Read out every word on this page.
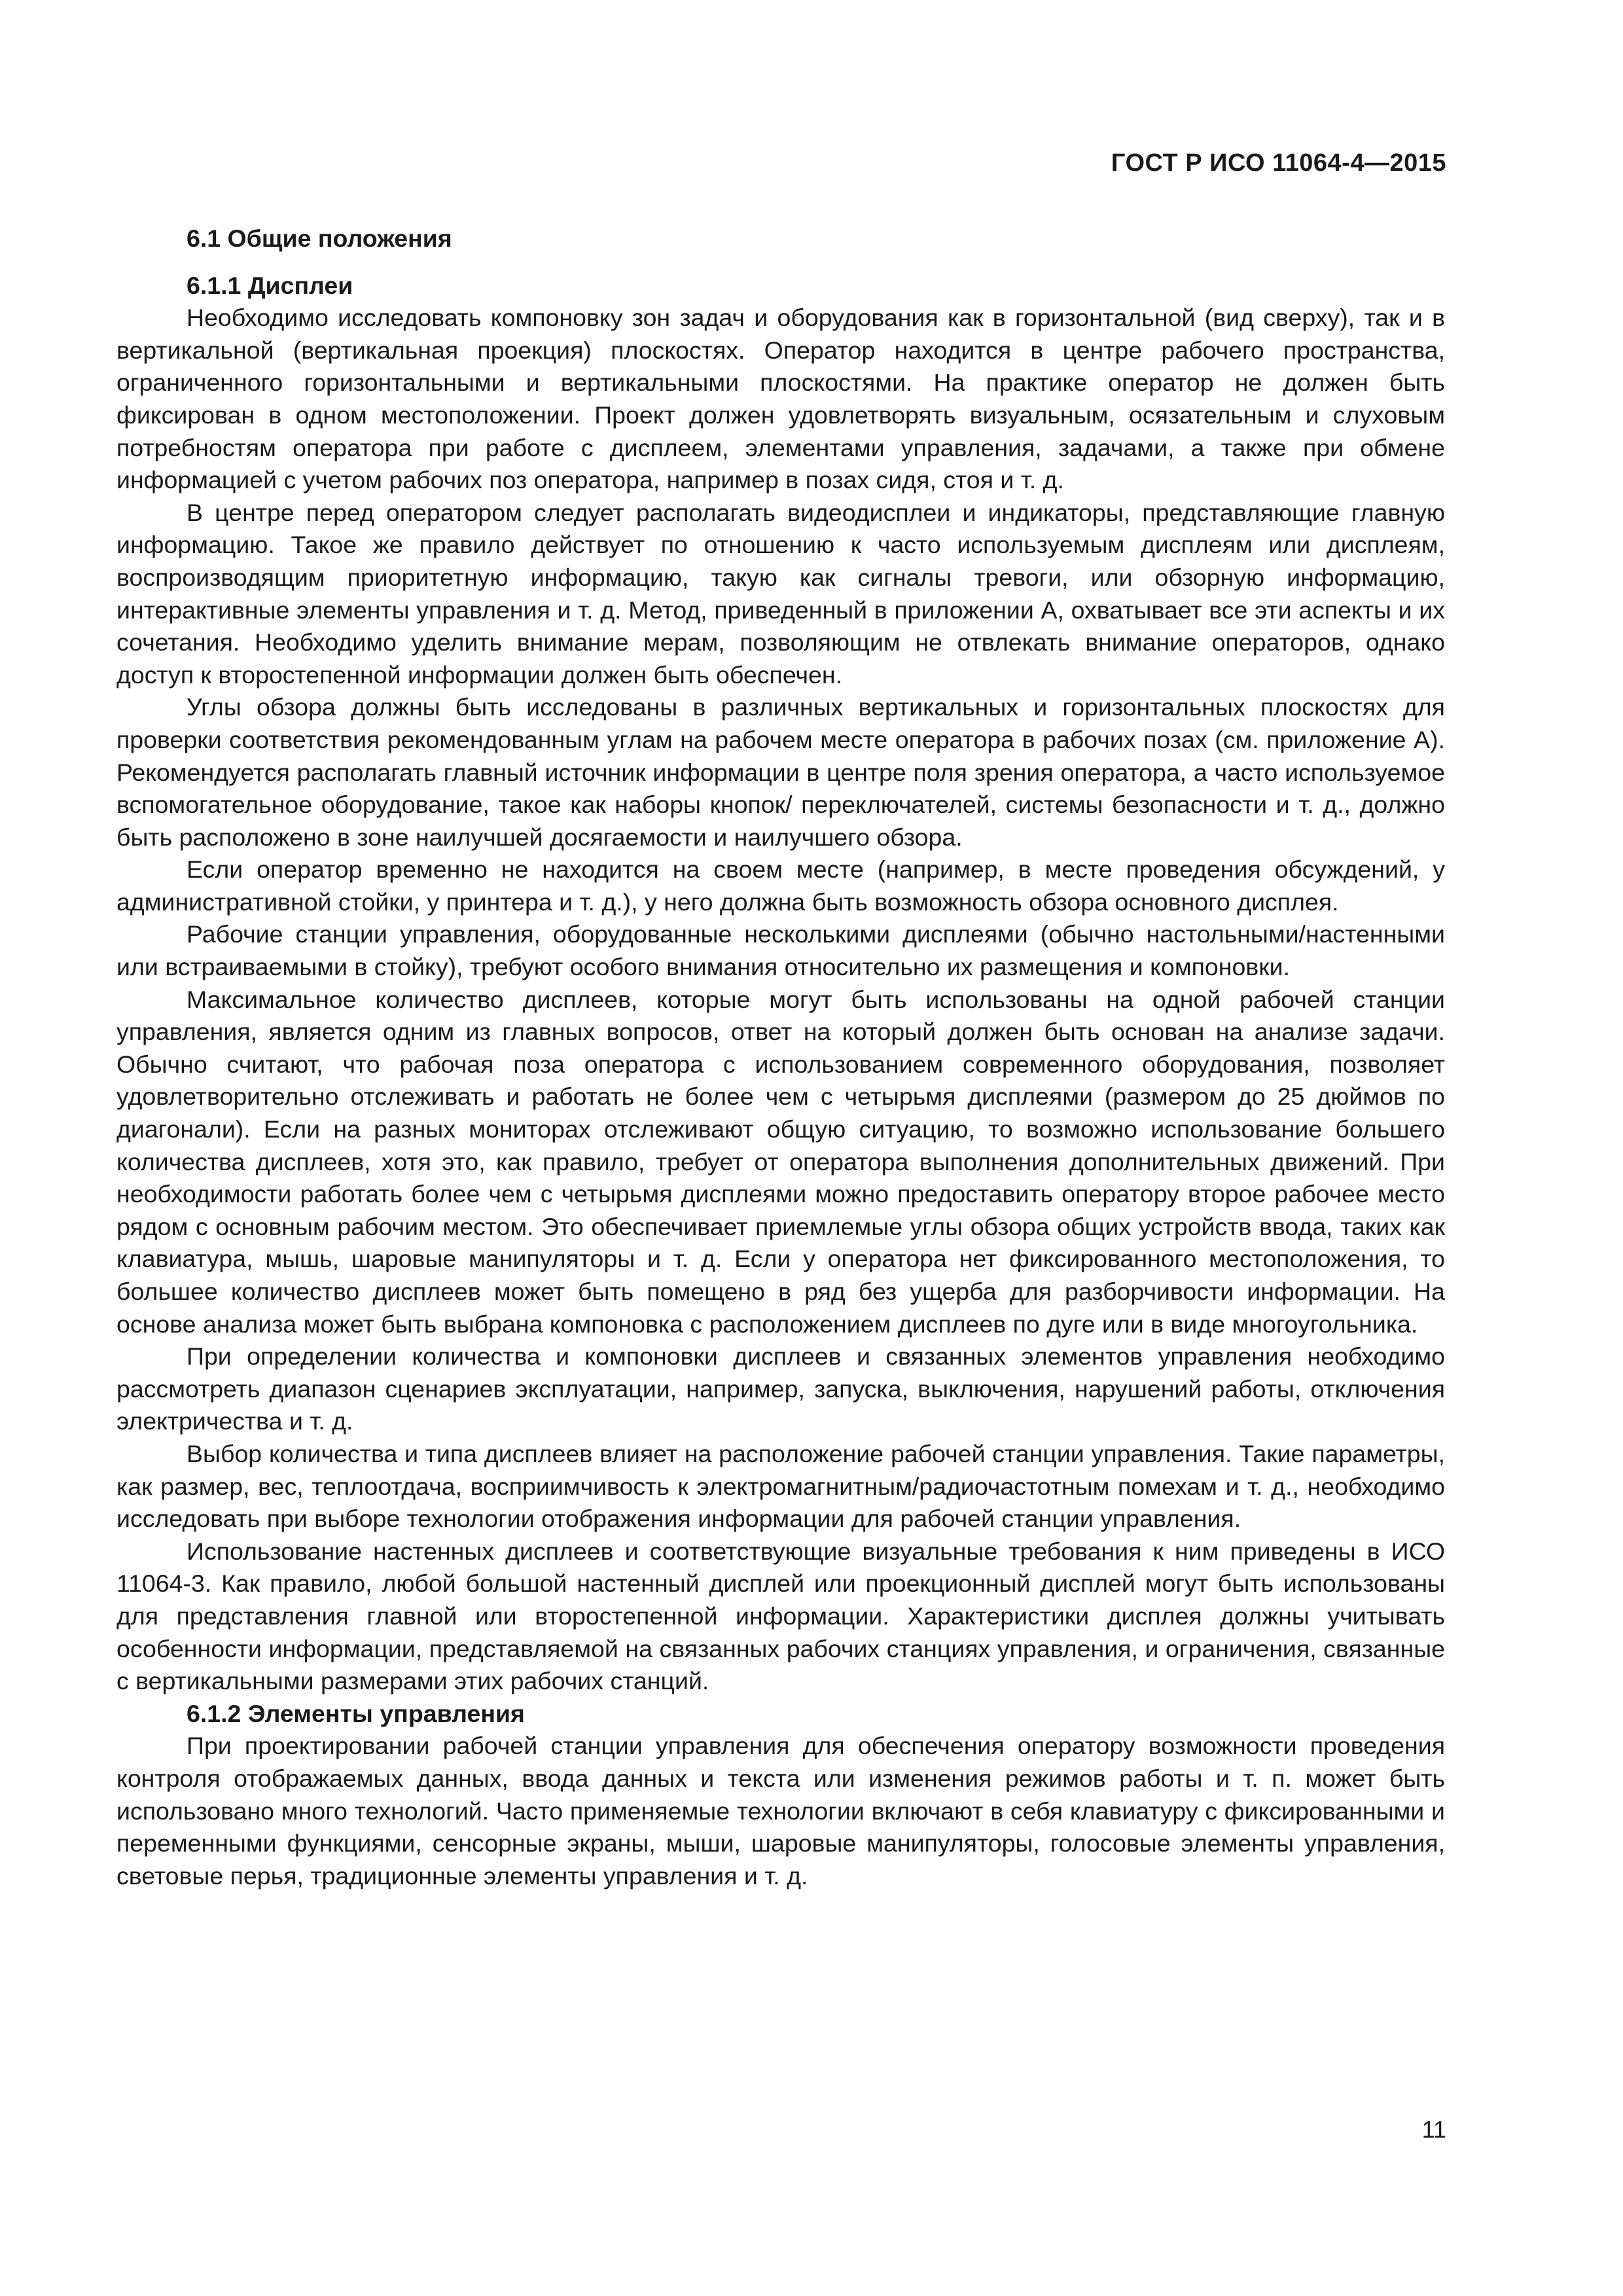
ГОСТ Р ИСО 11064-4—2015
6.1 Общие положения
6.1.1 Дисплеи

Необходимо исследовать компоновку зон задач и оборудования как в горизонтальной (вид сверху), так и в вертикальной (вертикальная проекция) плоскостях. Оператор находится в центре рабочего пространства, ограниченного горизонтальными и вертикальными плоскостями. На практике оператор не должен быть фиксирован в одном местоположении. Проект должен удовлетворять визуальным, осязательным и слуховым потребностям оператора при работе с дисплеем, элементами управления, задачами, а также при обмене информацией с учетом рабочих поз оператора, например в позах сидя, стоя и т. д.

В центре перед оператором следует располагать видеодисплеи и индикаторы, представляющие главную информацию. Такое же правило действует по отношению к часто используемым дисплеям или дисплеям, воспроизводящим приоритетную информацию, такую как сигналы тревоги, или обзорную информацию, интерактивные элементы управления и т. д. Метод, приведенный в приложении А, охватывает все эти аспекты и их сочетания. Необходимо уделить внимание мерам, позволяющим не отвлекать внимание операторов, однако доступ к второстепенной информации должен быть обеспечен.

Углы обзора должны быть исследованы в различных вертикальных и горизонтальных плоскостях для проверки соответствия рекомендованным углам на рабочем месте оператора в рабочих позах (см. приложение А). Рекомендуется располагать главный источник информации в центре поля зрения оператора, а часто используемое вспомогательное оборудование, такое как наборы кнопок/ переключателей, системы безопасности и т. д., должно быть расположено в зоне наилучшей досягаемости и наилучшего обзора.

Если оператор временно не находится на своем месте (например, в месте проведения обсуждений, у административной стойки, у принтера и т. д.), у него должна быть возможность обзора основного дисплея.

Рабочие станции управления, оборудованные несколькими дисплеями (обычно настольными/настенными или встраиваемыми в стойку), требуют особого внимания относительно их размещения и компоновки.

Максимальное количество дисплеев, которые могут быть использованы на одной рабочей станции управления, является одним из главных вопросов, ответ на который должен быть основан на анализе задачи. Обычно считают, что рабочая поза оператора с использованием современного оборудования, позволяет удовлетворительно отслеживать и работать не более чем с четырьмя дисплеями (размером до 25 дюймов по диагонали). Если на разных мониторах отслеживают общую ситуацию, то возможно использование большего количества дисплеев, хотя это, как правило, требует от оператора выполнения дополнительных движений. При необходимости работать более чем с четырьмя дисплеями можно предоставить оператору второе рабочее место рядом с основным рабочим местом. Это обеспечивает приемлемые углы обзора общих устройств ввода, таких как клавиатура, мышь, шаровые манипуляторы и т. д. Если у оператора нет фиксированного местоположения, то большее количество дисплеев может быть помещено в ряд без ущерба для разборчивости информации. На основе анализа может быть выбрана компоновка с расположением дисплеев по дуге или в виде многоугольника.

При определении количества и компоновки дисплеев и связанных элементов управления необходимо рассмотреть диапазон сценариев эксплуатации, например, запуска, выключения, нарушений работы, отключения электричества и т. д.

Выбор количества и типа дисплеев влияет на расположение рабочей станции управления. Такие параметры, как размер, вес, теплоотдача, восприимчивость к электромагнитным/радиочастотным помехам и т. д., необходимо исследовать при выборе технологии отображения информации для рабочей станции управления.

Использование настенных дисплеев и соответствующие визуальные требования к ним приведены в ИСО 11064-3. Как правило, любой большой настенный дисплей или проекционный дисплей могут быть использованы для представления главной или второстепенной информации. Характеристики дисплея должны учитывать особенности информации, представляемой на связанных рабочих станциях управления, и ограничения, связанные с вертикальными размерами этих рабочих станций.

6.1.2 Элементы управления

При проектировании рабочей станции управления для обеспечения оператору возможности проведения контроля отображаемых данных, ввода данных и текста или изменения режимов работы и т. п. может быть использовано много технологий. Часто применяемые технологии включают в себя клавиатуру с фиксированными и переменными функциями, сенсорные экраны, мыши, шаровые манипуляторы, голосовые элементы управления, световые перья, традиционные элементы управления и т. д.

11
